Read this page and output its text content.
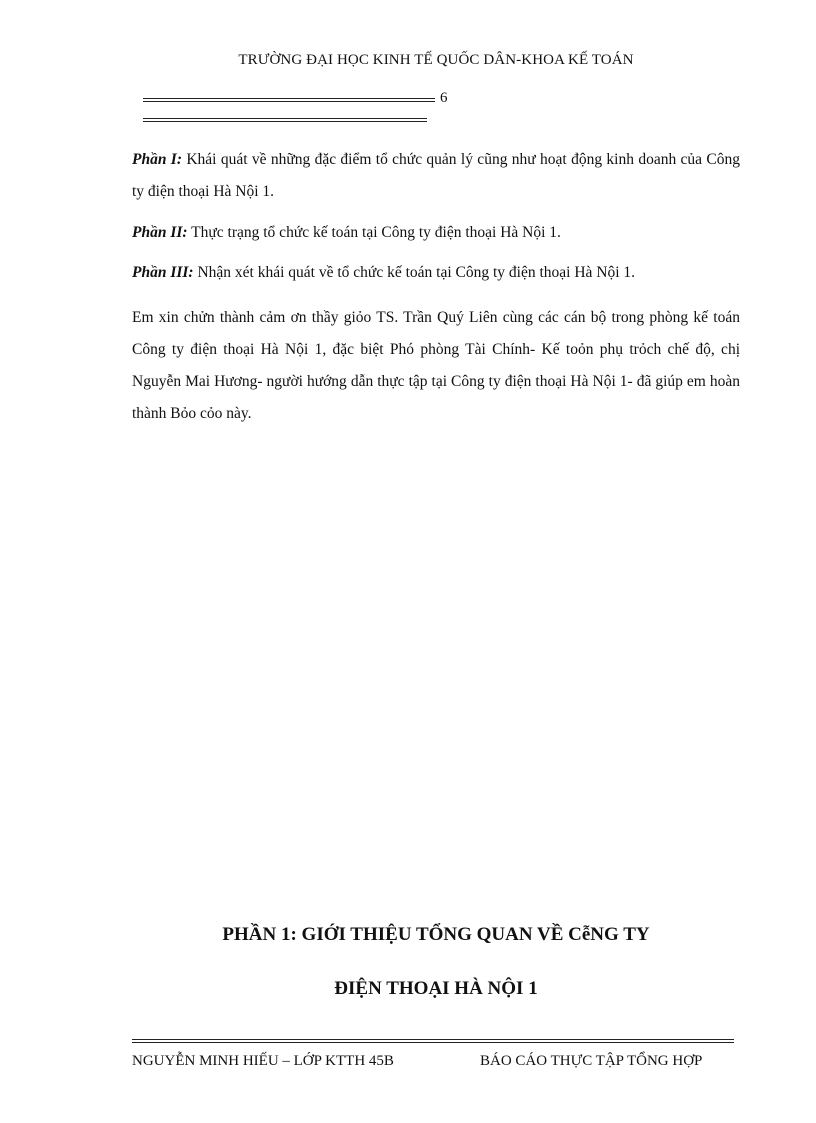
TRƯỜNG ĐẠI HỌC KINH TẾ QUỐC DÂN-KHOA KẾ TOÁN
6
Phần I: Khái quát về những đặc điểm tổ chức quản lý cũng như hoạt động kinh doanh của Công ty điện thoại Hà Nội 1.
Phần II: Thực trạng tổ chức kế toán tại Công ty điện thoại Hà Nội 1.
Phần III: Nhận xét khái quát về tổ chức kế toán tại Công ty điện thoại Hà Nội 1.
Em xin chửn thành cảm ơn thầy giỏo TS. Trần Quý Liên cùng các cán bộ trong phòng kế toán Công ty điện thoại Hà Nội 1, đặc biệt Phó phòng Tài Chính- Kế toỏn phụ trỏch chế độ, chị Nguyễn Mai Hương- người hướng dẫn thực tập tại Công ty điện thoại Hà Nội 1- đã giúp em hoàn thành Bỏo cỏo này.
PHẦN 1: GIỚI THIỆU TỔNG QUAN VỀ CễNG TY
ĐIỆN THOẠI HÀ NỘI 1
NGUYỄN MINH HIẾU – LỚP KTTH 45B	BÁO CÁO THỰC TẬP TỔNG HỢP
